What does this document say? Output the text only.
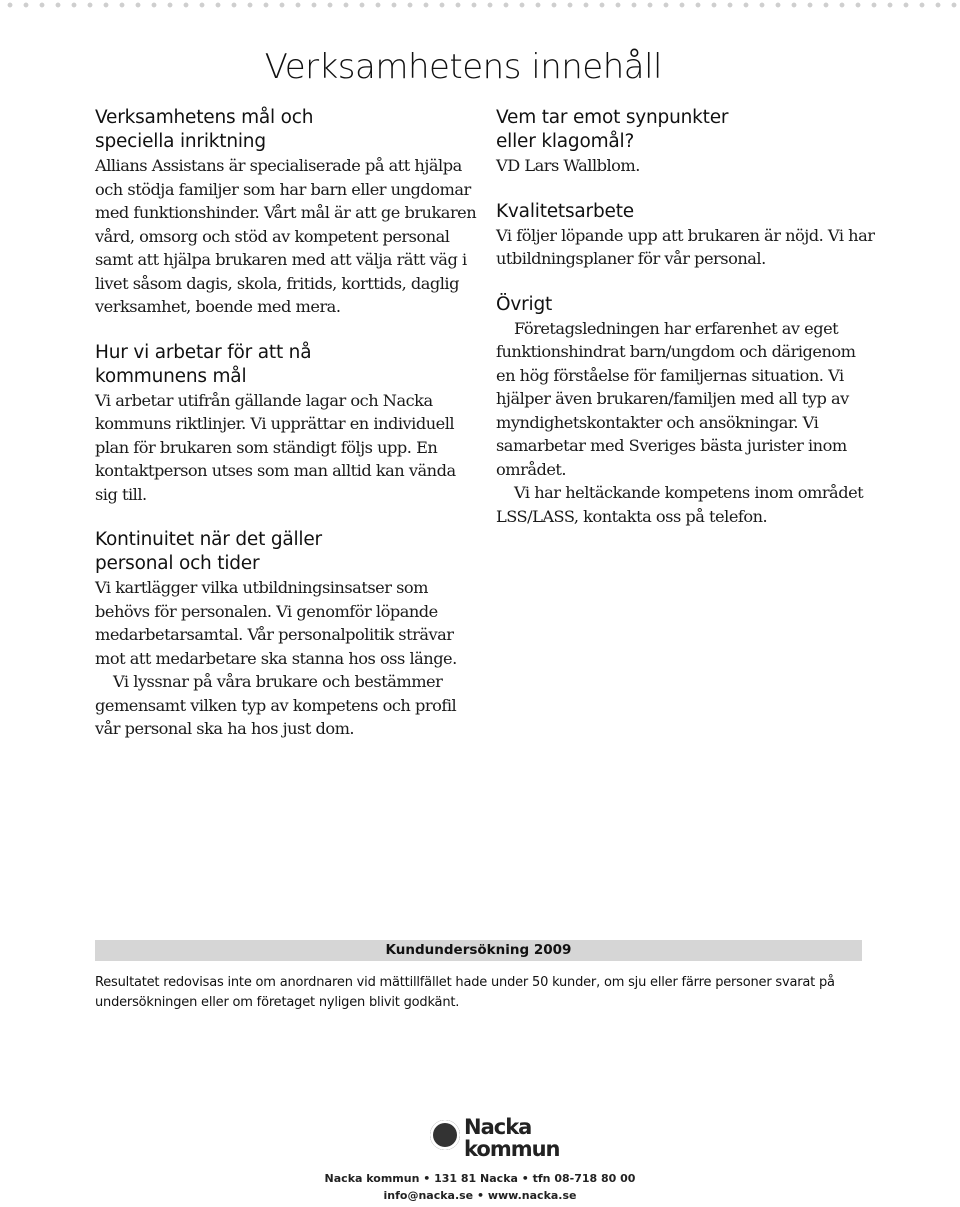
Verksamhetens innehåll
Verksamhetens mål och
speciella inriktning

Allians Assistans är specialiserade på att hjälpa och stödja familjer som har barn eller ungdomar med funktionshinder. Vårt mål är att ge brukaren vård, omsorg och stöd av kompetent personal samt att hjälpa brukaren med att välja rätt väg i livet såsom dagis, skola, fritids, korttids, daglig verksamhet, boende med mera.

Hur vi arbetar för att nå
kommunens mål

Vi arbetar utifrån gällande lagar och Nacka kommuns riktlinjer. Vi upprättar en individuell plan för brukaren som ständigt följs upp. En kontaktperson utses som man alltid kan vända sig till.

Kontinuitet när det gäller
personal och tider

Vi kartlägger vilka utbildningsinsatser som behövs för personalen. Vi genomför löpande medarbetarsamtal. Vår personalpolitik strävar mot att medarbetare ska stanna hos oss länge.

Vi lyssnar på våra brukare och bestämmer gemensamt vilken typ av kompetens och profil vår personal ska ha hos just dom.

Vem tar emot synpunkter
eller klagomål?

VD Lars Wallblom.

Kvalitetsarbete

Vi följer löpande upp att brukaren är nöjd. Vi har utbildningsplaner för vår personal.

Övrigt

Företagsledningen har erfarenhet av eget funktionshindrat barn/ungdom och därigenom en hög förståelse för familjernas situation. Vi hjälper även brukaren/familjen med all typ av myndighetskontakter och ansökningar. Vi samarbetar med Sveriges bästa jurister inom området.

Vi har heltäckande kompetens inom området LSS/LASS, kontakta oss på telefon.

Kundundersökning 2009
Resultatet redovisas inte om anordnaren vid mättillfället hade under 50 kunder, om sju eller färre personer svarat på undersökningen eller om företaget nyligen blivit godkänt.
Nacka
kommun
Nacka kommun • 131 81 Nacka • tfn 08-718 80 00
info@nacka.se • www.nacka.se
